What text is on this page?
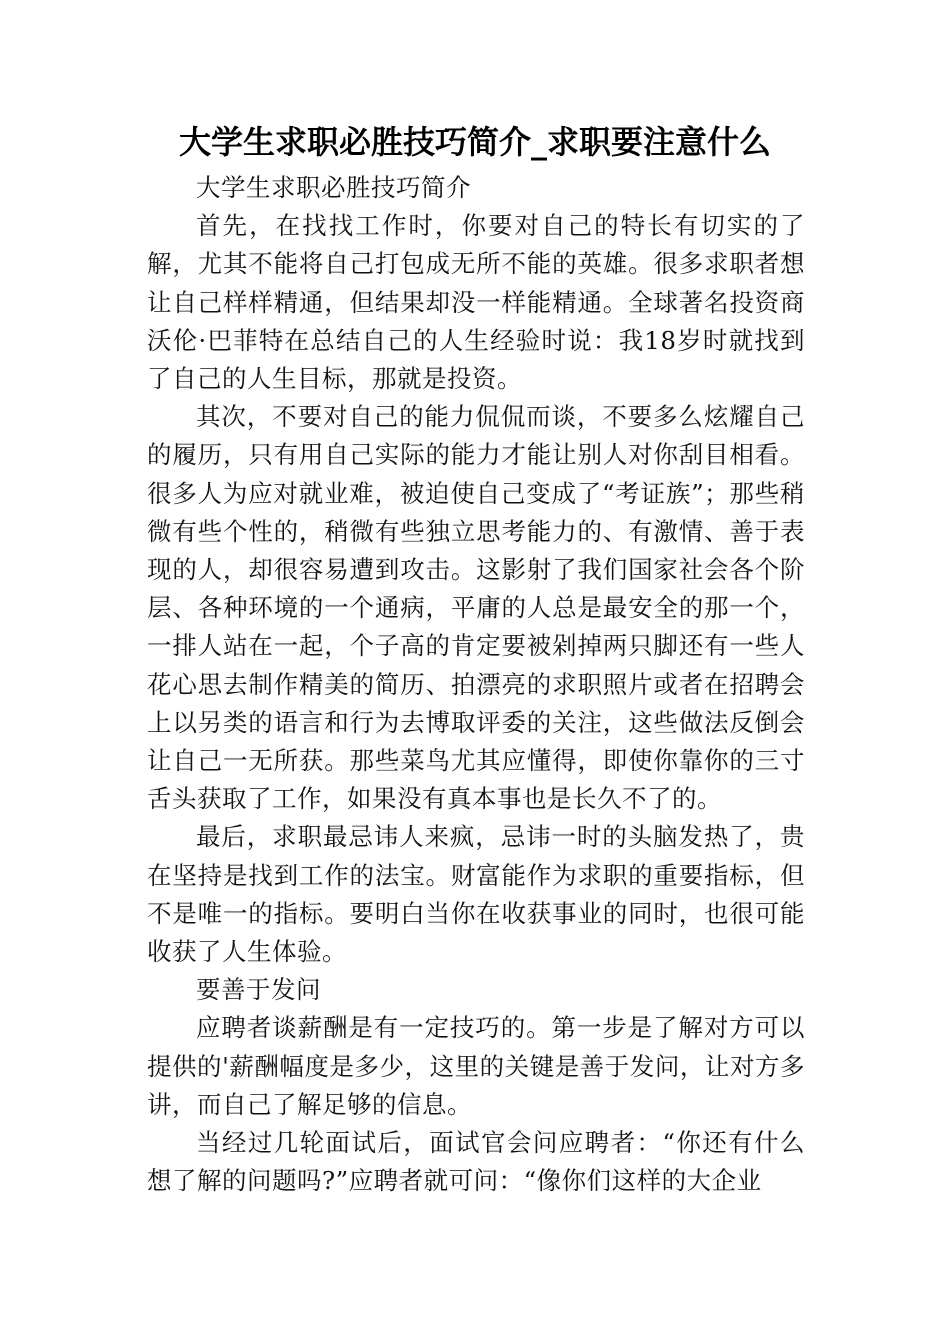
大学生求职必胜技巧简介_求职要注意什么

大学生求职必胜技巧简介

首先，在找找工作时，你要对自己的特长有切实的了解，尤其不能将自己打包成无所不能的英雄。很多求职者想让自己样样精通，但结果却没一样能精通。全球著名投资商沃伦·巴菲特在总结自己的人生经验时说：我18岁时就找到了自己的人生目标，那就是投资。

其次，不要对自己的能力侃侃而谈，不要多么炫耀自己的履历，只有用自己实际的能力才能让别人对你刮目相看。很多人为应对就业难，被迫使自己变成了“考证族”；那些稍微有些个性的，稍微有些独立思考能力的、有激情、善于表现的人，却很容易遭到攻击。这影射了我们国家社会各个阶层、各种环境的一个通病，平庸的人总是最安全的那一个，一排人站在一起，个子高的肯定要被剁掉两只脚还有一些人花心思去制作精美的简历、拍漂亮的求职照片或者在招聘会上以另类的语言和行为去博取评委的关注，这些做法反倒会让自己一无所获。那些菜鸟尤其应懂得，即使你靠你的三寸舌头获取了工作，如果没有真本事也是长久不了的。

最后，求职最忌讳人来疯，忌讳一时的头脑发热了，贵在坚持是找到工作的法宝。财富能作为求职的重要指标，但不是唯一的指标。要明白当你在收获事业的同时，也很可能收获了人生体验。

要善于发问

应聘者谈薪酬是有一定技巧的。第一步是了解对方可以提供的'薪酬幅度是多少，这里的关键是善于发问，让对方多讲，而自己了解足够的信息。

当经过几轮面试后，面试官会问应聘者：“你还有什么想了解的问题吗?”应聘者就可问：“像你们这样的大企业
